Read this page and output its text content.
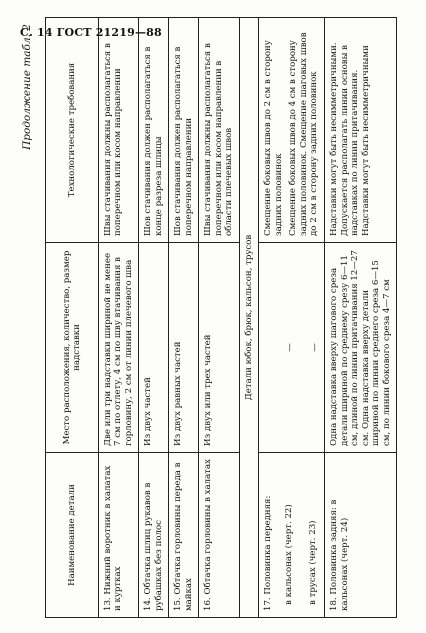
С. 14 ГОСТ 21219—88
Продолжение табл. 2
Наименование детали	Место расположения, количество, размер надставки	Технологические требования
13. Нижний воротник в халатах и куртках	Две или три надставки шириной не менее 7 см по отлету, 4 см по шву втачивания в горловину, 2 см от линии плечевого шва	Швы стачивания должны располагаться в поперечном или косом направлении
14. Обтачка шлиц рукавов в рубашках без полос	Из двух частей	Шов стачивания должен располагаться в конце разреза шлицы
15. Обтачка горловины переда в майках	Из двух равных частей	Шов стачивания должен располагаться в поперечном направлении
16. Обтачка горловины в халатах	Из двух или трех частей	Швы стачивания должны располагаться в поперечном или косом направлении в области плечевых швов
Детали юбок, брюк, кальсон, трусов		

17. Половинка передняя: в кальсонах (черт. 22) в трусах (черт. 23)	— —	Смещение боковых швов до 2 см в сторону задних половинок Смещение боковых швов до 4 см в сторону задних половинок. Смещение шаговых швов до 2 см в сторону задних половинок

18. Половинка задняя: в кальсонах (черт. 24)	Одна надставка вверху шагового среза детали шириной по среднему срезу 6—11 см, длиной по линии притачивания 12—27 см. Одна надставка вверху детали шириной по линии среднего среза 6—15 см, по линии бокового среза 4—7 см	Надставки могут быть несимметричными. Допускается располагать линии основы в надставках по линии притачивания. Надставки могут быть несимметричными
